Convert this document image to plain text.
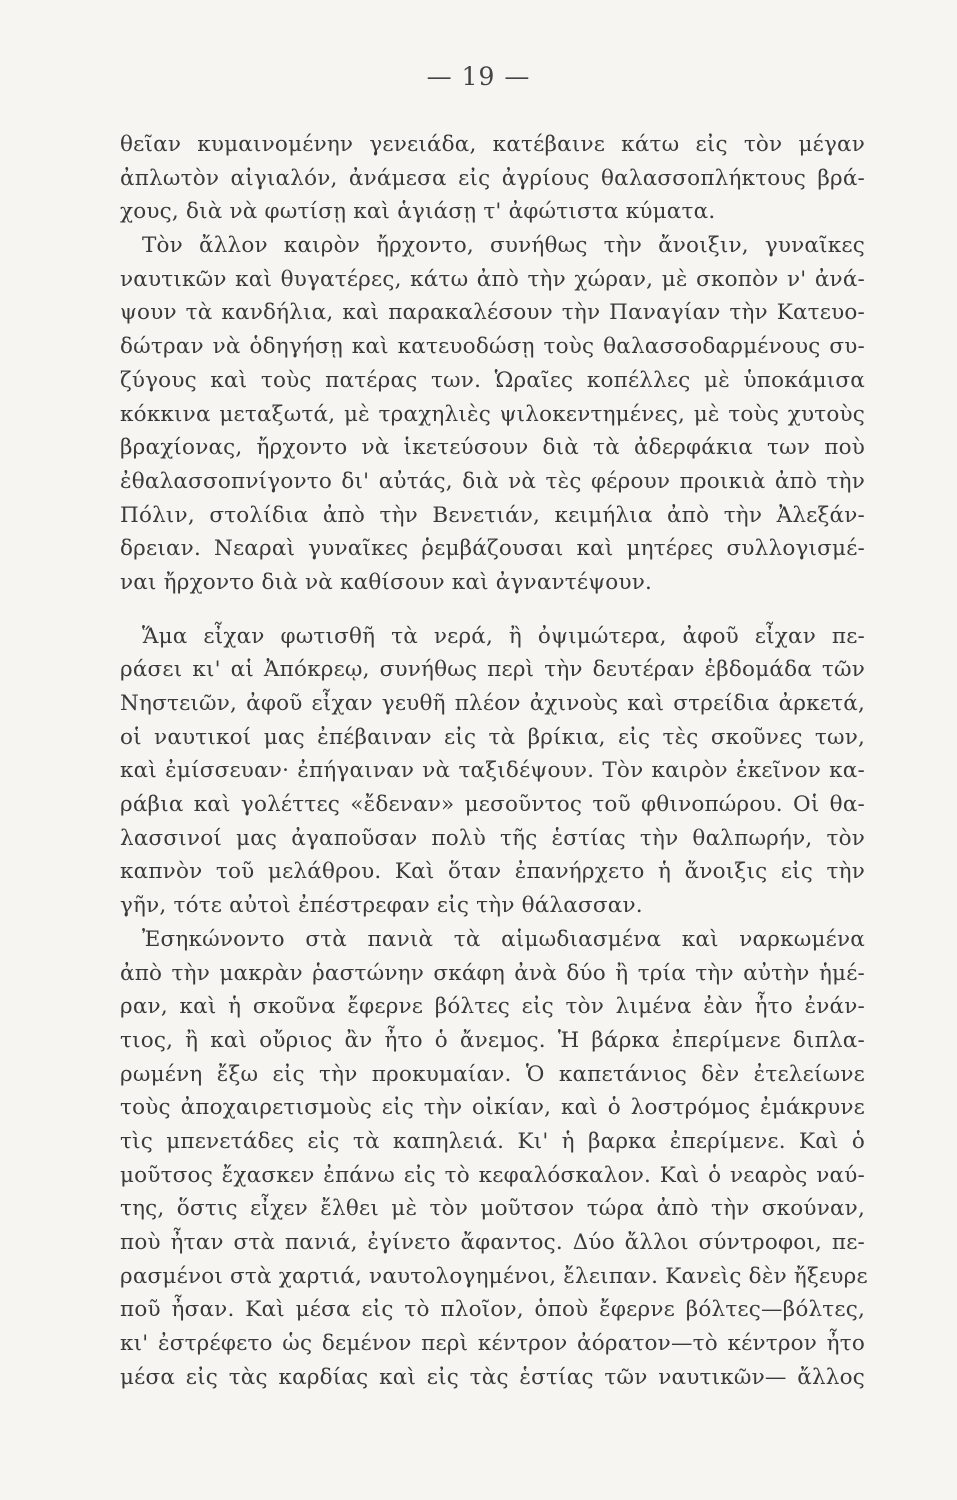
— 19 —
θεῖαν κυμαινομένην γενειάδα, κατέβαινε κάτω εἰς τὸν μέγαν
ἀπλωτὸν αἰγιαλόν, ἀνάμεσα εἰς ἀγρίους θαλασσοπλήκτους βρά-
χους, διὰ νὰ φωτίσῃ καὶ ἁγιάσῃ τ' ἀφώτιστα κύματα.
Τὸν ἄλλον καιρὸν ἤρχοντο, συνήθως τὴν ἄνοιξιν, γυναῖκες
ναυτικῶν καὶ θυγατέρες, κάτω ἀπὸ τὴν χώραν, μὲ σκοπὸν ν' ἀνά-
ψουν τὰ κανδήλια, καὶ παρακαλέσουν τὴν Παναγίαν τὴν Κατευο-
δώτραν νὰ ὁδηγήσῃ καὶ κατευοδώσῃ τοὺς θαλασσοδαρμένους συ-
ζύγους καὶ τοὺς πατέρας των. Ὡραῖες κοπέλλες μὲ ὑποκάμισα
κόκκινα μεταξωτά, μὲ τραχηλιὲς ψιλοκεντημένες, μὲ τοὺς χυτοὺς
βραχίονας, ἤρχοντο νὰ ἱκετεύσουν διὰ τὰ ἀδερφάκια των ποὺ
ἐθαλασσοπνίγοντο δι' αὐτάς, διὰ νὰ τὲς φέρουν προικιὰ ἀπὸ τὴν
Πόλιν, στολίδια ἀπὸ τὴν Βενετιάν, κειμήλια ἀπὸ τὴν Ἀλεξάν-
δρειαν. Νεαραὶ γυναῖκες ῥεμβάζουσαι καὶ μητέρες συλλογισμέ-
ναι ἤρχοντο διὰ νὰ καθίσουν καὶ ἀγναντέψουν.
Ἅμα εἶχαν φωτισθῆ τὰ νερά, ἢ ὀψιμώτερα, ἀφοῦ εἶχαν πε-
ράσει κι' αἱ Ἀπόκρεῳ, συνήθως περὶ τὴν δευτέραν ἑβδομάδα τῶν
Νηστειῶν, ἀφοῦ εἶχαν γευθῆ πλέον ἀχινοὺς καὶ στρείδια ἀρκετά,
οἱ ναυτικοί μας ἐπέβαιναν εἰς τὰ βρίκια, εἰς τὲς σκοῦνες των,
καὶ ἐμίσσευαν· ἐπήγαιναν νὰ ταξιδέψουν. Τὸν καιρὸν ἐκεῖνον κα-
ράβια καὶ γολέττες «ἔδεναν» μεσοῦντος τοῦ φθινοπώρου. Οἱ θα-
λασσινοί μας ἀγαποῦσαν πολὺ τῆς ἑστίας τὴν θαλπωρήν, τὸν
καπνὸν τοῦ μελάθρου. Καὶ ὅταν ἐπανήρχετο ἡ ἄνοιξις εἰς τὴν
γῆν, τότε αὐτοὶ ἐπέστρεφαν εἰς τὴν θάλασσαν.
Ἐσηκώνοντο στὰ πανιὰ τὰ αἱμωδιασμένα καὶ ναρκωμένα
ἀπὸ τὴν μακρὰν ῥαστώνην σκάφη ἀνὰ δύο ἢ τρία τὴν αὐτὴν ἡμέ-
ραν, καὶ ἡ σκοῦνα ἔφερνε βόλτες εἰς τὸν λιμένα ἐὰν ἦτο ἐνάν-
τιος, ἢ καὶ οὔριος ἂν ἦτο ὁ ἄνεμος. Ἡ βάρκα ἐπερίμενε διπλα-
ρωμένη ἔξω εἰς τὴν προκυμαίαν. Ὁ καπετάνιος δὲν ἐτελείωνε
τοὺς ἀποχαιρετισμοὺς εἰς τὴν οἰκίαν, καὶ ὁ λοστρόμος ἐμάκρυνε
τὶς μπενετάδες εἰς τὰ καπηλειά. Κι' ἡ βαρκα ἐπερίμενε. Καὶ ὁ
μοῦτσος ἔχασκεν ἐπάνω εἰς τὸ κεφαλόσκαλον. Καὶ ὁ νεαρὸς ναύ-
της, ὅστις εἶχεν ἔλθει μὲ τὸν μοῦτσον τώρα ἀπὸ τὴν σκούναν,
ποὺ ἦταν στὰ πανιά, ἐγίνετο ἄφαντος. Δύο ἄλλοι σύντροφοι, πε-
ρασμένοι στὰ χαρτιά, ναυτολογημένοι, ἔλειπαν. Κανεὶς δὲν ἤξευρε
ποῦ ἦσαν. Καὶ μέσα εἰς τὸ πλοῖον, ὁποὺ ἔφερνε βόλτες—βόλτες,
κι' ἐστρέφετο ὡς δεμένον περὶ κέντρον ἀόρατον—τὸ κέντρον ἦτο
μέσα εἰς τὰς καρδίας καὶ εἰς τὰς ἑστίας τῶν ναυτικῶν— ἄλλος
